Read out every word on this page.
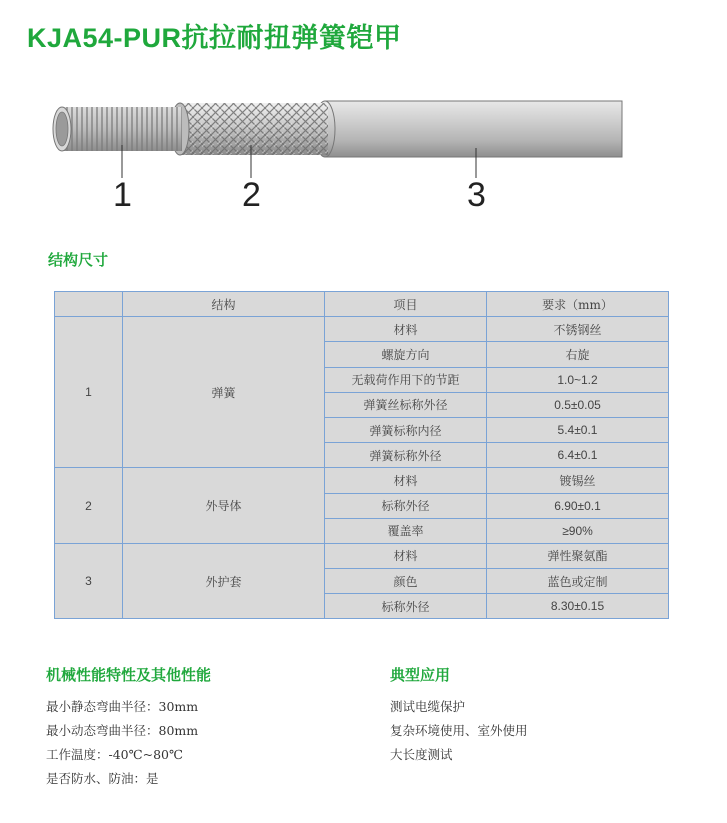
KJA54-PUR抗拉耐扭弹簧铠甲
1	2	3
结构尺寸
	结构	项目	要求（mm）
1	弹簧	材料	不锈钢丝
		螺旋方向	右旋
		无载荷作用下的节距	1.0~1.2
		弹簧丝标称外径	0.5±0.05
		弹簧标称内径	5.4±0.1
		弹簧标称外径	6.4±0.1
2	外导体	材料	镀锡丝
		标称外径	6.90±0.1
		覆盖率	≥90%
3	外护套	材料	弹性聚氨酯
		颜色	蓝色或定制
		标称外径	8.30±0.15
机械性能特性及其他性能
最小静态弯曲半径：30mm
最小动态弯曲半径：80mm
工作温度：-40℃~80℃
是否防水、防油：是
典型应用
测试电缆保护
复杂环境使用、室外使用
大长度测试
